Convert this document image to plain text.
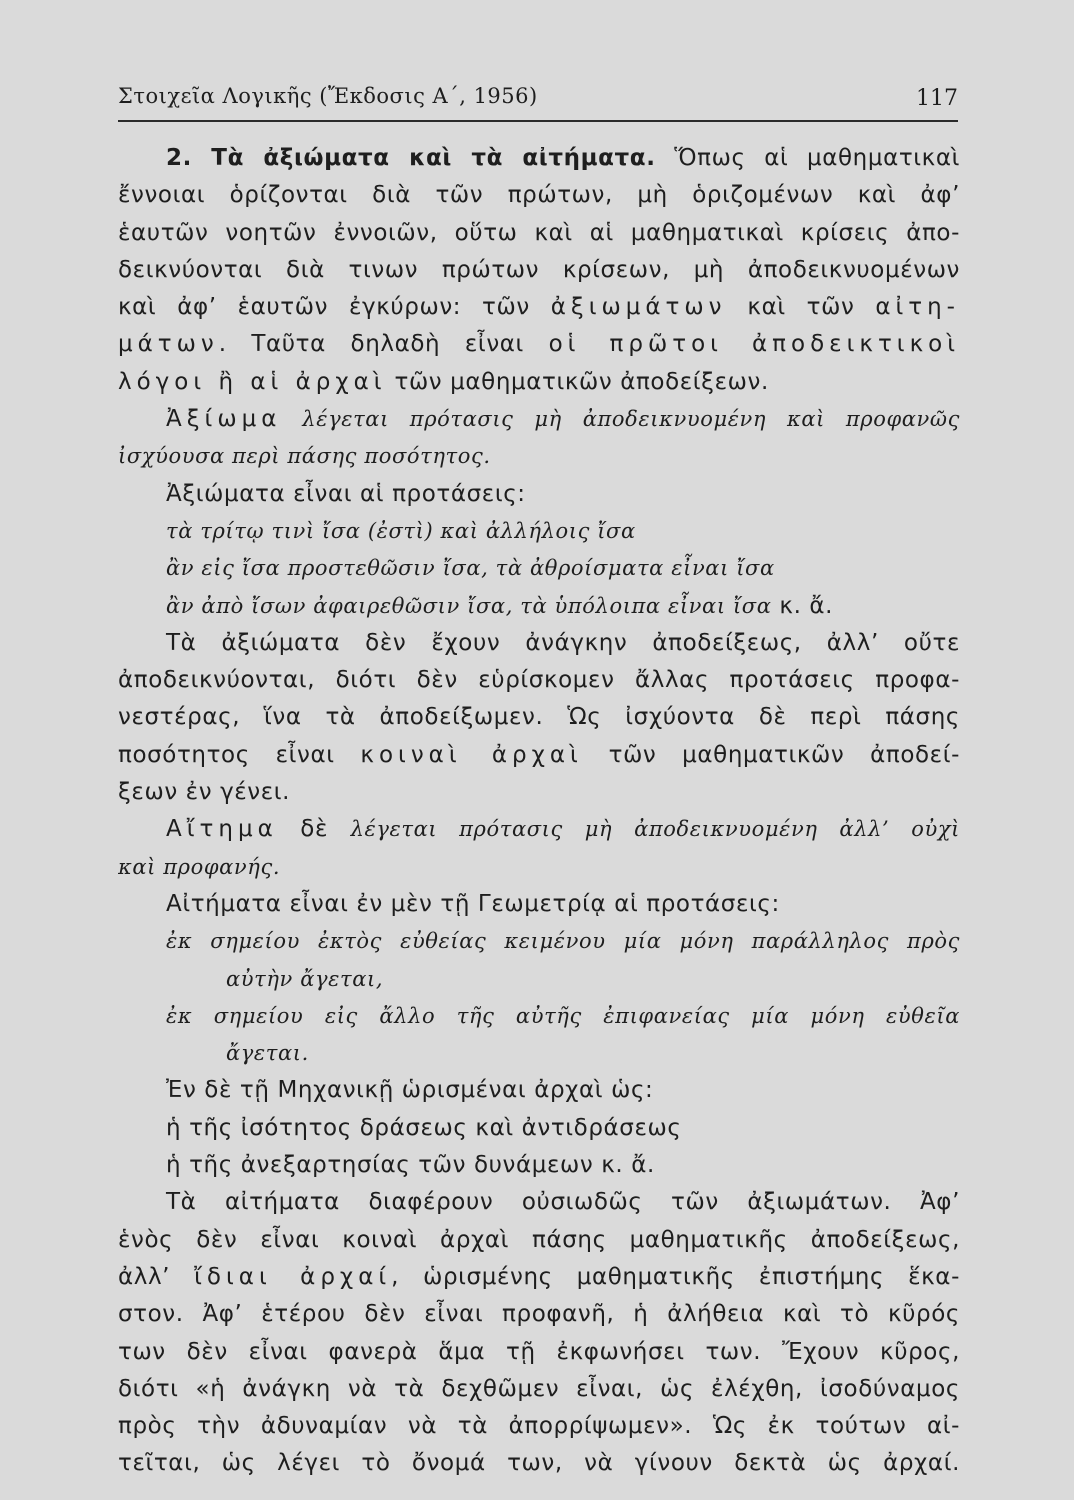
Στοιχεῖα Λογικῆς (Ἔκδοσις Α΄, 1956)	117
2. Τὰ ἀξιώματα καὶ τὰ αἰτήματα. Ὅπως αἱ μαθηματικαὶ
ἔννοιαι ὁρίζονται διὰ τῶν πρώτων, μὴ ὁριζομένων καὶ ἀφ’
ἑαυτῶν νοητῶν ἐννοιῶν, οὕτω καὶ αἱ μαθηματικαὶ κρίσεις ἀπο-
δεικνύονται διὰ τινων πρώτων κρίσεων, μὴ ἀποδεικνυομένων
καὶ ἀφ’ ἑαυτῶν ἐγκύρων: τῶν ἀξιωμάτων καὶ τῶν αἰτη-
μάτων. Ταῦτα δηλαδὴ εἶναι οἱ πρῶτοι ἀποδεικτικοὶ
λόγοι ἢ αἱ ἀρχαὶ τῶν μαθηματικῶν ἀποδείξεων.
Ἀξίωμα λέγεται πρότασις μὴ ἀποδεικνυομένη καὶ προφανῶς
ἰσχύουσα περὶ πάσης ποσότητος.
Ἀξιώματα εἶναι αἱ προτάσεις:
τὰ τρίτῳ τινὶ ἴσα (ἐστὶ) καὶ ἀλλήλοις ἴσα
ἂν εἰς ἴσα προστεθῶσιν ἴσα, τὰ ἀθροίσματα εἶναι ἴσα
ἂν ἀπὸ ἴσων ἀφαιρεθῶσιν ἴσα, τὰ ὑπόλοιπα εἶναι ἴσα κ. ἄ.
Τὰ ἀξιώματα δὲν ἔχουν ἀνάγκην ἀποδείξεως, ἀλλ’ οὔτε
ἀποδεικνύονται, διότι δὲν εὑρίσκομεν ἄλλας προτάσεις προφα-
νεστέρας, ἵνα τὰ ἀποδείξωμεν. Ὡς ἰσχύοντα δὲ περὶ πάσης
ποσότητος εἶναι κοιναὶ ἀρχαὶ τῶν μαθηματικῶν ἀποδεί-
ξεων ἐν γένει.
Αἴτημα δὲ λέγεται πρότασις μὴ ἀποδεικνυομένη ἀλλ’ οὐχὶ
καὶ προφανής.
Αἰτήματα εἶναι ἐν μὲν τῇ Γεωμετρίᾳ αἱ προτάσεις:
ἐκ σημείου ἐκτὸς εὐθείας κειμένου μία μόνη παράλληλος πρὸς
αὐτὴν ἄγεται,
ἐκ σημείου εἰς ἄλλο τῆς αὐτῆς ἐπιφανείας μία μόνη εὐθεῖα
ἄγεται.
Ἐν δὲ τῇ Μηχανικῇ ὡρισμέναι ἀρχαὶ ὡς:
ἡ τῆς ἰσότητος δράσεως καὶ ἀντιδράσεως
ἡ τῆς ἀνεξαρτησίας τῶν δυνάμεων κ. ἄ.
Τὰ αἰτήματα διαφέρουν οὐσιωδῶς τῶν ἀξιωμάτων. Ἀφ’
ἑνὸς δὲν εἶναι κοιναὶ ἀρχαὶ πάσης μαθηματικῆς ἀποδείξεως,
ἀλλ’ ἴδιαι ἀρχαί, ὡρισμένης μαθηματικῆς ἐπιστήμης ἕκα-
στον. Ἀφ’ ἑτέρου δὲν εἶναι προφανῆ, ἡ ἀλήθεια καὶ τὸ κῦρός
των δὲν εἶναι φανερὰ ἅμα τῇ ἐκφωνήσει των. Ἔχουν κῦρος,
διότι «ἡ ἀνάγκη νὰ τὰ δεχθῶμεν εἶναι, ὡς ἐλέχθη, ἰσοδύναμος
πρὸς τὴν ἀδυναμίαν νὰ τὰ ἀπορρίψωμεν». Ὡς ἐκ τούτων αἰ-
τεῖται, ὡς λέγει τὸ ὄνομά των, νὰ γίνουν δεκτὰ ὡς ἀρχαί.
